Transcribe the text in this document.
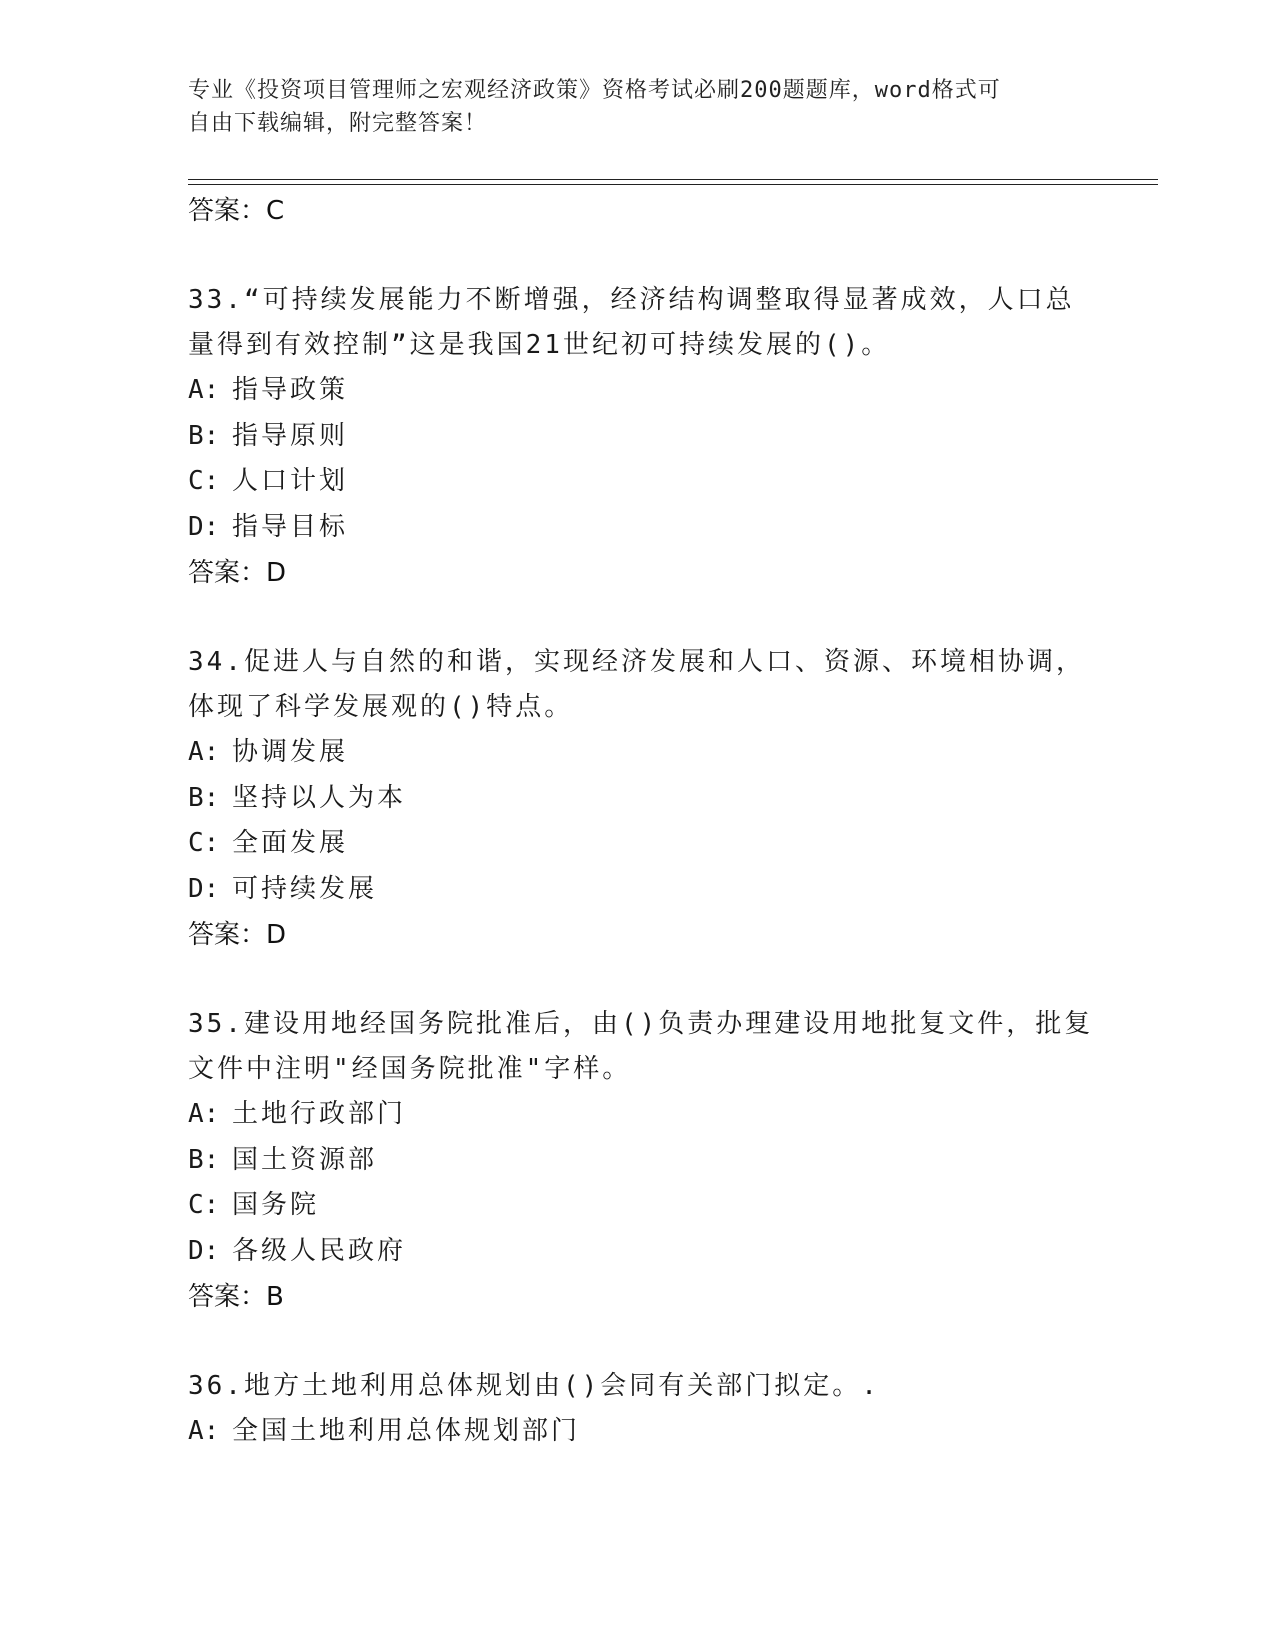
专业《投资项目管理师之宏观经济政策》资格考试必刷200题题库，word格式可
自由下载编辑，附完整答案！
答案：C
33.“可持续发展能力不断增强，经济结构调整取得显著成效，人口总
量得到有效控制”这是我国21世纪初可持续发展的()。
A: 指导政策
B: 指导原则
C: 人口计划
D: 指导目标
答案：D
34.促进人与自然的和谐，实现经济发展和人口、资源、环境相协调，
体现了科学发展观的()特点。
A: 协调发展
B: 坚持以人为本
C: 全面发展
D: 可持续发展
答案：D
35.建设用地经国务院批准后，由()负责办理建设用地批复文件，批复
文件中注明"经国务院批准"字样。
A: 土地行政部门
B: 国土资源部
C: 国务院
D: 各级人民政府
答案：B
36.地方土地利用总体规划由()会同有关部门拟定。.
A: 全国土地利用总体规划部门
